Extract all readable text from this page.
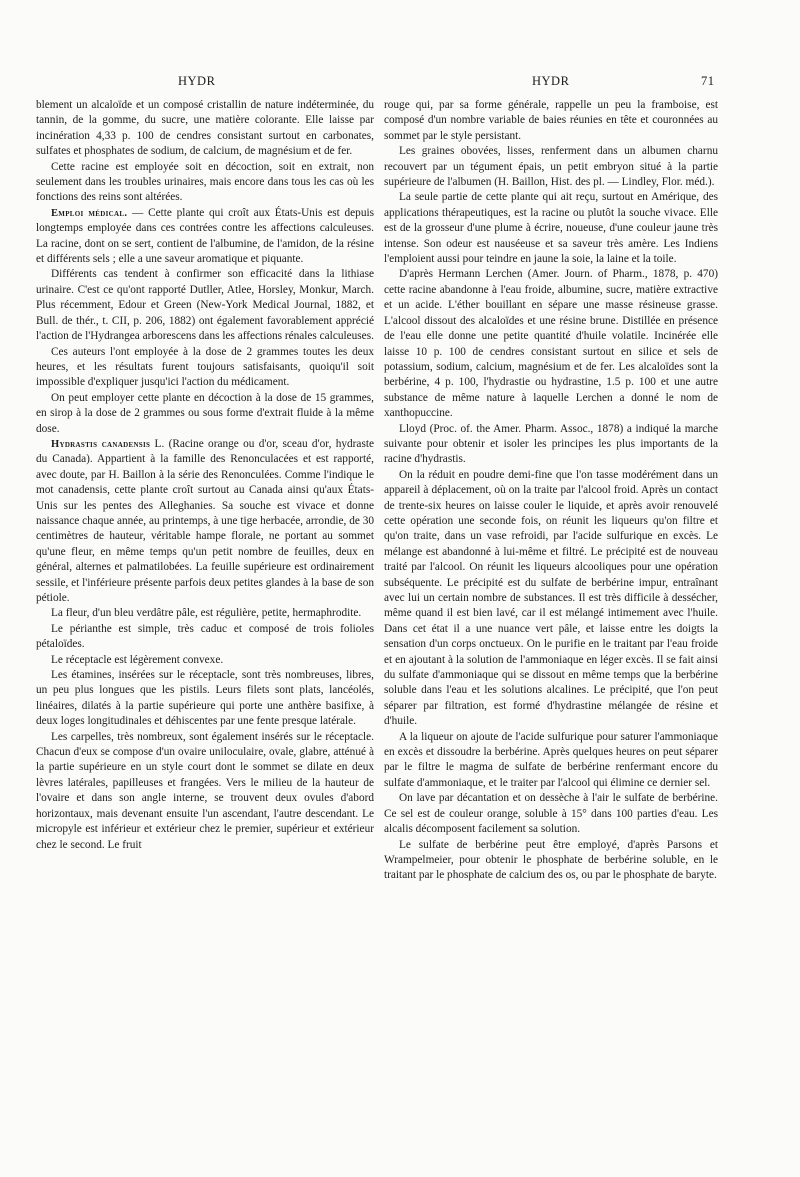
HYDR	HYDR	71

blement un alcaloïde et un composé cristallin de nature indéterminée, du tannin, de la gomme, du sucre, une matière colorante. Elle laisse par incinération 4,33 p. 100 de cendres consistant surtout en carbonates, sulfates et phosphates de sodium, de calcium, de magnésium et de fer.

Cette racine est employée soit en décoction, soit en extrait, non seulement dans les troubles urinaires, mais encore dans tous les cas où les fonctions des reins sont altérées.

Emploi médical. — Cette plante qui croît aux États-Unis est depuis longtemps employée dans ces contrées contre les affections calculeuses. La racine, dont on se sert, contient de l'albumine, de l'amidon, de la résine et différents sels ; elle a une saveur aromatique et piquante.

Différents cas tendent à confirmer son efficacité dans la lithiase urinaire. C'est ce qu'ont rapporté Dutller, Atlee, Horsley, Monkur, March. Plus récemment, Edour et Green (New-York Medical Journal, 1882, et Bull. de thér., t. CII, p. 206, 1882) ont également favorablement apprécié l'action de l'Hydrangea arborescens dans les affections rénales calculeuses.

Ces auteurs l'ont employée à la dose de 2 grammes toutes les deux heures, et les résultats furent toujours satisfaisants, quoiqu'il soit impossible d'expliquer jusqu'ici l'action du médicament.

On peut employer cette plante en décoction à la dose de 15 grammes, en sirop à la dose de 2 grammes ou sous forme d'extrait fluide à la même dose.

Hydrastis canadensis L. (Racine orange ou d'or, sceau d'or, hydraste du Canada). Appartient à la famille des Renonculacées et est rapporté, avec doute, par H. Baillon à la série des Renonculées. Comme l'indique le mot canadensis, cette plante croît surtout au Canada ainsi qu'aux États-Unis sur les pentes des Alleghanies. Sa souche est vivace et donne naissance chaque année, au printemps, à une tige herbacée, arrondie, de 30 centimètres de hauteur, véritable hampe florale, ne portant au sommet qu'une fleur, en même temps qu'un petit nombre de feuilles, deux en général, alternes et palmatilobées. La feuille supérieure est ordinairement sessile, et l'inférieure présente parfois deux petites glandes à la base de son pétiole.

La fleur, d'un bleu verdâtre pâle, est régulière, petite, hermaphrodite.

Le périanthe est simple, très caduc et composé de trois folioles pétaloïdes.

Le réceptacle est légèrement convexe.

Les étamines, insérées sur le réceptacle, sont très nombreuses, libres, un peu plus longues que les pistils. Leurs filets sont plats, lancéolés, linéaires, dilatés à la partie supérieure qui porte une anthère basifixe, à deux loges longitudinales et déhiscentes par une fente presque latérale.

Les carpelles, très nombreux, sont également insérés sur le réceptacle. Chacun d'eux se compose d'un ovaire uniloculaire, ovale, glabre, atténué à la partie supérieure en un style court dont le sommet se dilate en deux lèvres latérales, papilleuses et frangées. Vers le milieu de la hauteur de l'ovaire et dans son angle interne, se trouvent deux ovules d'abord horizontaux, mais devenant ensuite l'un ascendant, l'autre descendant. Le micropyle est inférieur et extérieur chez le premier, supérieur et extérieur chez le second. Le fruit

rouge qui, par sa forme générale, rappelle un peu la framboise, est composé d'un nombre variable de baies réunies en tête et couronnées au sommet par le style persistant.

Les graines obovées, lisses, renferment dans un albumen charnu recouvert par un tégument épais, un petit embryon situé à la partie supérieure de l'albumen (H. Baillon, Hist. des pl. — Lindley, Flor. méd.).

La seule partie de cette plante qui ait reçu, surtout en Amérique, des applications thérapeutiques, est la racine ou plutôt la souche vivace. Elle est de la grosseur d'une plume à écrire, noueuse, d'une couleur jaune très intense. Son odeur est nauséeuse et sa saveur très amère. Les Indiens l'emploient aussi pour teindre en jaune la soie, la laine et la toile.

D'après Hermann Lerchen (Amer. Journ. of Pharm., 1878, p. 470) cette racine abandonne à l'eau froide, albumine, sucre, matière extractive et un acide. L'éther bouillant en sépare une masse résineuse grasse. L'alcool dissout des alcaloïdes et une résine brune. Distillée en présence de l'eau elle donne une petite quantité d'huile volatile. Incinérée elle laisse 10 p. 100 de cendres consistant surtout en silice et sels de potassium, sodium, calcium, magnésium et de fer. Les alcaloïdes sont la berbérine, 4 p. 100, l'hydrastie ou hydrastine, 1.5 p. 100 et une autre substance de même nature à laquelle Lerchen a donné le nom de xanthopuccine.

Lloyd (Proc. of. the Amer. Pharm. Assoc., 1878) a indiqué la marche suivante pour obtenir et isoler les principes les plus importants de la racine d'hydrastis.

On la réduit en poudre demi-fine que l'on tasse modérément dans un appareil à déplacement, où on la traite par l'alcool froid. Après un contact de trente-six heures on laisse couler le liquide, et après avoir renouvelé cette opération une seconde fois, on réunit les liqueurs qu'on filtre et qu'on traite, dans un vase refroidi, par l'acide sulfurique en excès. Le mélange est abandonné à lui-même et filtré. Le précipité est de nouveau traité par l'alcool. On réunit les liqueurs alcooliques pour une opération subséquente. Le précipité est du sulfate de berbérine impur, entraînant avec lui un certain nombre de substances. Il est très difficile à dessécher, même quand il est bien lavé, car il est mélangé intimement avec l'huile. Dans cet état il a une nuance vert pâle, et laisse entre les doigts la sensation d'un corps onctueux. On le purifie en le traitant par l'eau froide et en ajoutant à la solution de l'ammoniaque en léger excès. Il se fait ainsi du sulfate d'ammoniaque qui se dissout en même temps que la berbérine soluble dans l'eau et les solutions alcalines. Le précipité, que l'on peut séparer par filtration, est formé d'hydrastine mélangée de résine et d'huile.

A la liqueur on ajoute de l'acide sulfurique pour saturer l'ammoniaque en excès et dissoudre la berbérine. Après quelques heures on peut séparer par le filtre le magma de sulfate de berbérine renfermant encore du sulfate d'ammoniaque, et le traiter par l'alcool qui élimine ce dernier sel.

On lave par décantation et on dessèche à l'air le sulfate de berbérine. Ce sel est de couleur orange, soluble à 15° dans 100 parties d'eau. Les alcalis décomposent facilement sa solution.

Le sulfate de berbérine peut être employé, d'après Parsons et Wrampelmeier, pour obtenir le phosphate de berbérine soluble, en le traitant par le phosphate de calcium des os, ou par le phosphate de baryte.
